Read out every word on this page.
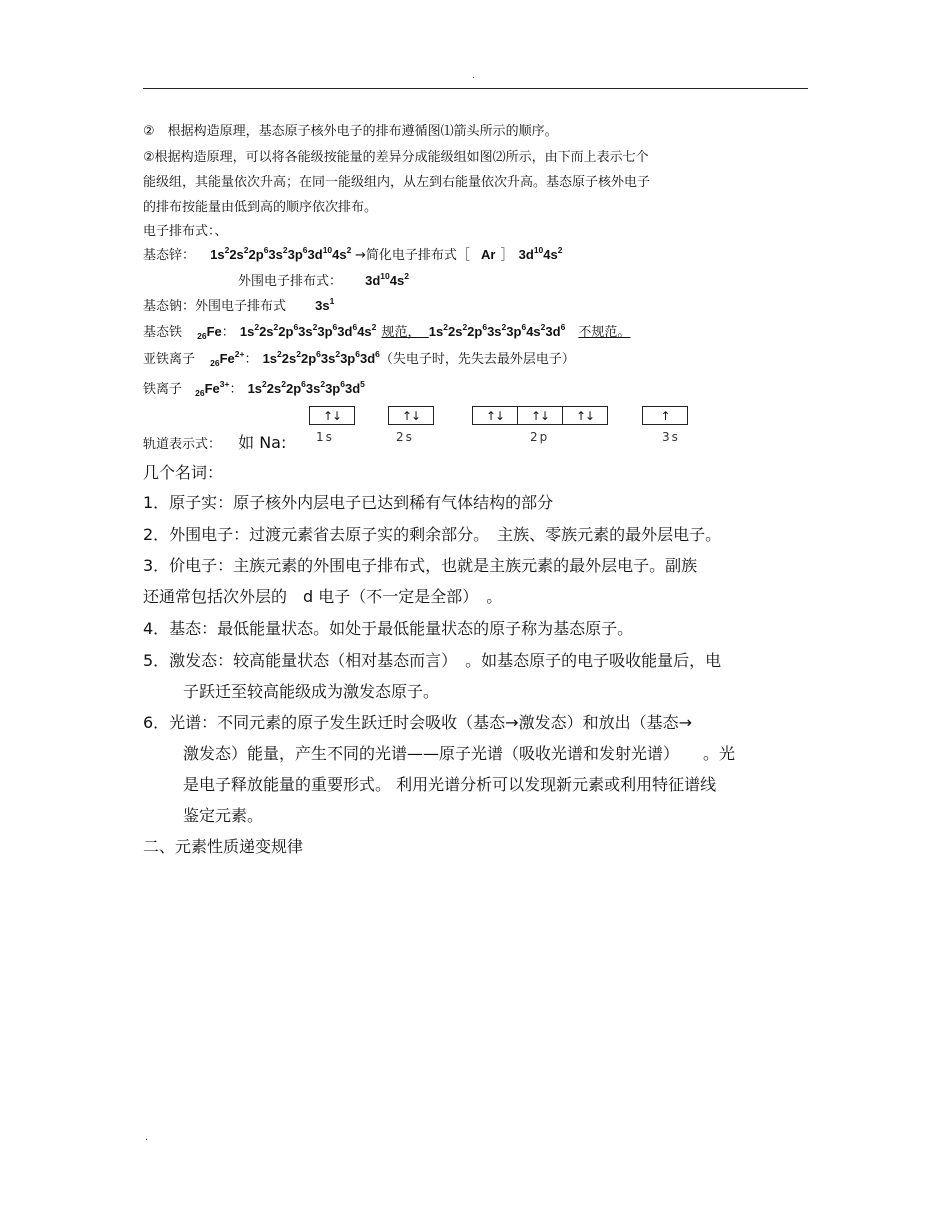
.
②　根据构造原理，基态原子核外电子的排布遵循图⑴箭头所示的顺序。
②根据构造原理，可以将各能级按能量的差异分成能级组如图⑵所示，由下而上表示七个
能级组，其能量依次升高；在同一能级组内，从左到右能量依次升高。基态原子核外电子
的排布按能量由低到高的顺序依次排布。
电子排布式：、
基态锌： $1s^22s^22p^63s^23p^63d^{10}4s^2$ →简化电子排布式［ Ar ］ $3d^{10}4s^2$
外围电子排布式： $3d^{10}4s^2$
基态钠：外围电子排布式 $3s^1$
基态铁 $_{26}$Fe： $1s^22s^22p^63s^23p^63d^64s^2$ 规范， $1s^22s^22p^63s^23p^64s^23d^6$ 不规范。
亚铁离子 $_{26}Fe^{2+}$： $1s^22s^22p^63s^23p^63d^6$（失电子时，先失去最外层电子）
铁离子 $_{26}Fe^{3+}$： $1s^22s^22p^63s^23p^63d^5$
轨道表示式： 如 Na:
↑↓	↑↓	↑↓	↑↓	↑↓	↑
1s	2s	2p	3s
几个名词：
1．原子实：原子核外内层电子已达到稀有气体结构的部分
2．外围电子：过渡元素省去原子实的剩余部分。　主族、零族元素的最外层电子。
3．价电子：主族元素的外围电子排布式，也就是主族元素的最外层电子。副族
还通常包括次外层的　d 电子（不一定是全部）　。
4．基态：最低能量状态。如处于最低能量状态的原子称为基态原子。
5．激发态：较高能量状态（相对基态而言）　。如基态原子的电子吸收能量后，电
子跃迁至较高能级成为激发态原子。
6．光谱：不同元素的原子发生跃迁时会吸收（基态→激发态）和放出（基态→
激发态）能量，产生不同的光谱——原子光谱（吸收光谱和发射光谱）　　。光
是电子释放能量的重要形式。 利用光谱分析可以发现新元素或利用特征谱线
鉴定元素。
二、元素性质递变规律
.
